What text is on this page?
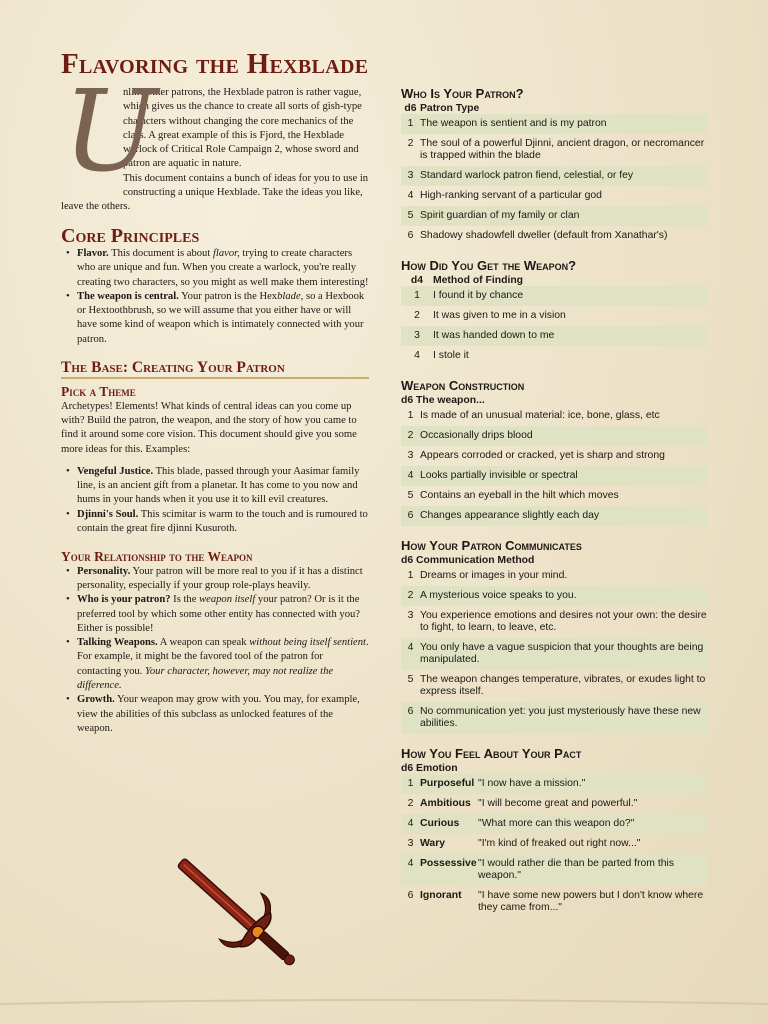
Flavoring the Hexblade
U

nlike other patrons, the Hexblade patron is rather vague, which gives us the chance to create all sorts of gish-type characters without changing the core mechanics of the class. A great example of this is Fjord, the Hexblade warlock of Critical Role Campaign 2, whose sword and patron are aquatic in nature.

This document contains a bunch of ideas for you to use in constructing a unique Hexblade. Take the ideas you like, leave the others.

Core Principles
• Flavor. This document is about flavor, trying to create characters who are unique and fun. When you create a warlock, you're really creating two characters, so you might as well make them interesting!
• The weapon is central. Your patron is the Hexblade, so a Hexbook or Hextoothbrush, so we will assume that you either have or will have some kind of weapon which is intimately connected with your patron.
The Base: Creating Your Patron
Pick a Theme

Archetypes! Elements! What kinds of central ideas can you come up with? Build the patron, the weapon, and the story of how you came to find it around some core vision. This document should give you some more ideas for this. Examples:

• Vengeful Justice. This blade, passed through your Aasimar family line, is an ancient gift from a planetar. It has come to you now and hums in your hands when it you use it to kill evil creatures.
• Djinni's Soul. This scimitar is warm to the touch and is rumoured to contain the great fire djinni Kusuroth.
Your Relationship to the Weapon
• Personality. Your patron will be more real to you if it has a distinct personality, especially if your group role-plays heavily.
• Who is your patron? Is the weapon itself your patron? Or is it the preferred tool by which some other entity has connected with you? Either is possible!
• Talking Weapons. A weapon can speak without being itself sentient. For example, it might be the favored tool of the patron for contacting you. Your character, however, may not realize the difference.
• Growth. Your weapon may grow with you. You may, for example, view the abilities of this subclass as unlocked features of the weapon.
Who Is Your Patron?
d6 Patron Type
1 The weapon is sentient and is my patron
2 The soul of a powerful Djinni, ancient dragon, or necromancer is trapped within the blade
3 Standard warlock patron fiend, celestial, or fey
4 High-ranking servant of a particular god
5 Spirit guardian of my family or clan
6 Shadowy shadowfell dweller (default from Xanathar's)
How Did You Get the Weapon?
d4 Method of Finding
1	I found it by chance
2	It was given to me in a vision
3	It was handed down to me
4	I stole it
Weapon Construction
d6 The weapon...
1 Is made of an unusual material: ice, bone, glass, etc
2 Occasionally drips blood
3 Appears corroded or cracked, yet is sharp and strong
4 Looks partially invisible or spectral
5 Contains an eyeball in the hilt which moves
6 Changes appearance slightly each day
How Your Patron Communicates
d6 Communication Method
1 Dreams or images in your mind.
2 A mysterious voice speaks to you.
3 You experience emotions and desires not your own: the desire to fight, to learn, to leave, etc.
4 You only have a vague suspicion that your thoughts are being manipulated.
5 The weapon changes temperature, vibrates, or exudes light to express itself.
6 No communication yet: you just mysteriously have these new abilities.
How You Feel About Your Pact
d6 Emotion
1 Purposeful "I now have a mission."
2 Ambitious "I will become great and powerful."
4 Curious	"What more can this weapon do?"
3 Wary	"I'm kind of freaked out right now..."
4 Possessive "I would rather die than be parted from this weapon."
6 Ignorant	"I have some new powers but I don't know where they came from..."
